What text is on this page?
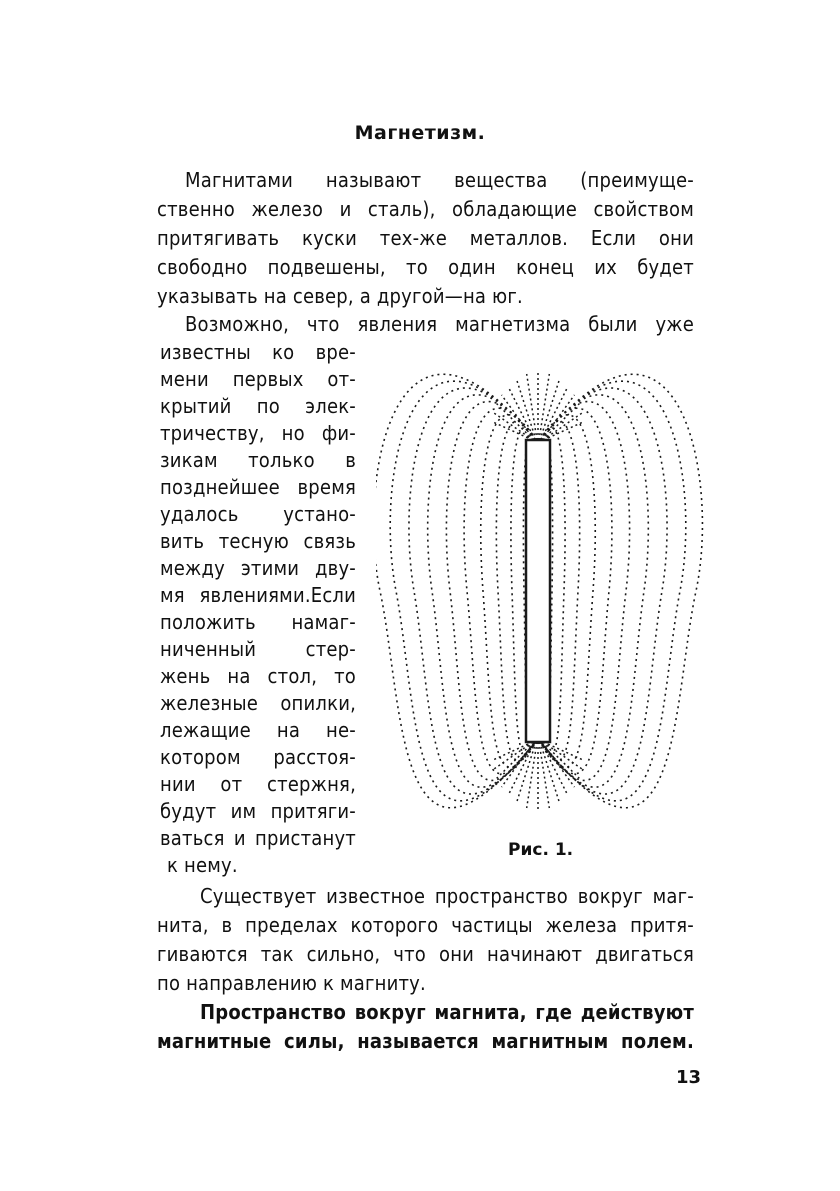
Магнетизм.
Магнитами называют вещества (преимуще-
ственно железо и сталь), обладающие свойством
притягивать куски тех-же металлов. Если они
свободно подвешены, то один конец их будет
указывать на север, а другой—на юг.
Возможно, что явления магнетизма были уже
известны ко вре-
мени первых от-
крытий по элек-
тричеству, но фи-
зикам только в
позднейшее время
удалось устано-
вить тесную связь
между этими дву-
мя явлениями.Если
положить намаг-
ниченный стер-
жень на стол, то
железные опилки,
лежащие на не-
котором расстоя-
нии от стержня,
будут им притяги-
ваться и пристанут
к нему.
Рис. 1.
Существует известное пространство вокруг маг-
нита, в пределах которого частицы железа притя-
гиваются так сильно, что они начинают двигаться
по направлению к магниту.
Пространство вокруг магнита, где действуют
магнитные силы, называется магнитным полем.
13
